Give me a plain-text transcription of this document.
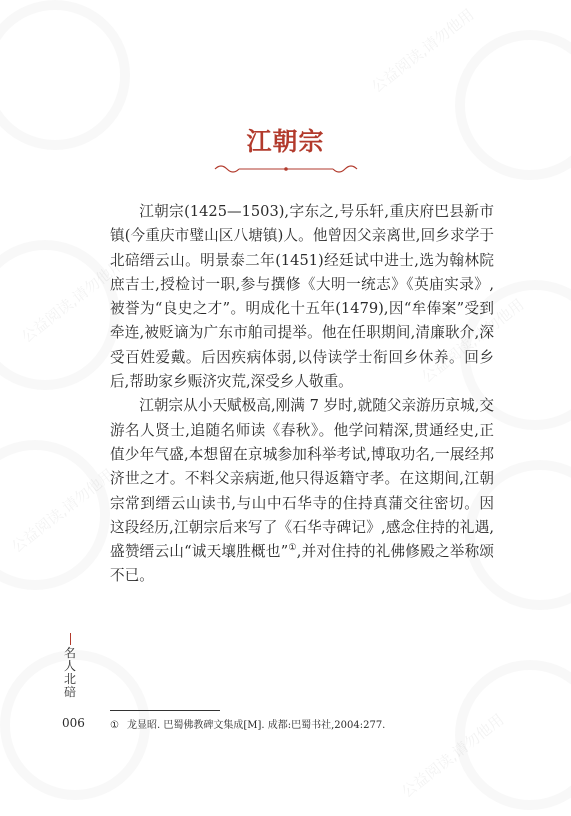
公益阅读,请勿他用
公益阅读,请勿他用	公益阅读,请勿他用
公益阅读,请勿他用
公益阅读,请勿他用
江朝宗

江朝宗(1425—1503),字东之,号乐轩,重庆府巴县新市镇(今重庆市璧山区八塘镇)人。他曾因父亲离世,回乡求学于北碚缙云山。明景泰二年(1451)经廷试中进士,选为翰林院庶吉士,授检讨一职,参与撰修《大明一统志》《英庙实录》,被誉为“良史之才”。明成化十五年(1479),因“牟俸案”受到牵连,被贬谪为广东市舶司提举。他在任职期间,清廉耿介,深受百姓爱戴。后因疾病体弱,以侍读学士衔回乡休养。回乡后,帮助家乡赈济灾荒,深受乡人敬重。

江朝宗从小天赋极高,刚满 7 岁时,就随父亲游历京城,交游名人贤士,追随名师读《春秋》。他学问精深,贯通经史,正值少年气盛,本想留在京城参加科举考试,博取功名,一展经邦济世之才。不料父亲病逝,他只得返籍守孝。在这期间,江朝宗常到缙云山读书,与山中石华寺的住持真蒲交往密切。因这段经历,江朝宗后来写了《石华寺碑记》,感念住持的礼遇,盛赞缙云山“诚天壤胜概也”①,并对住持的礼佛修殿之举称颂不已。

名
人
北
碚
006	① 龙显昭. 巴蜀佛教碑文集成[M]. 成都:巴蜀书社,2004:277.
